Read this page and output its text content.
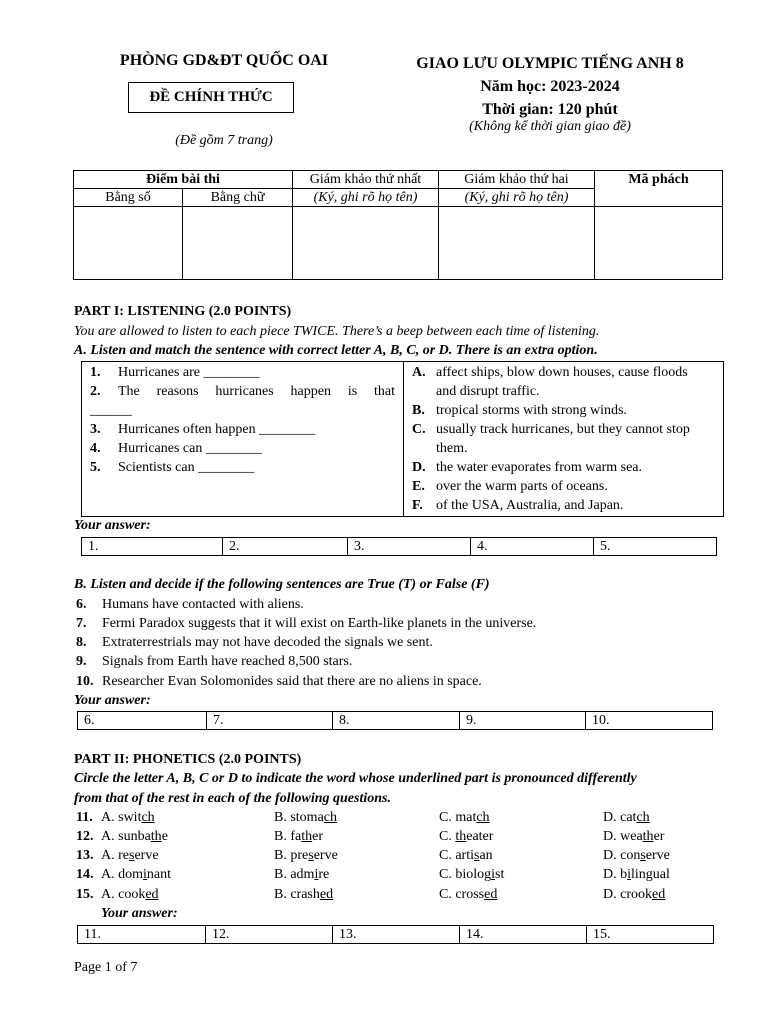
PHÒNG GD&ĐT QUỐC OAI
ĐỀ CHÍNH THỨC
(Đề gồm 7 trang)
GIAO LƯU OLYMPIC TIẾNG ANH 8
Năm học: 2023-2024
Thời gian: 120 phút
(Không kể thời gian giao đề)
Điểm bài thi		Giám khảo thứ nhất	Giám khảo thứ hai	Mã phách
Bằng số	Bằng chữ	(Ký, ghi rõ họ tên)	(Ký, ghi rõ họ tên)	

PART I: LISTENING (2.0 POINTS)
You are allowed to listen to each piece TWICE. There’s a beep between each time of listening.
A. Listen and match the sentence with correct letter A, B, C, or D. There is an extra option.
1. Hurricanes are ________
2.	The reasons hurricanes happen is that
______
3. Hurricanes often happen ________
4. Hurricanes can ________
5. Scientists can ________

A. affect ships, blow down houses, cause floods
and disrupt traffic.
B. tropical storms with strong winds.
C. usually track hurricanes, but they cannot stop
them.
D. the water evaporates from warm sea.
E. over the warm parts of oceans.
F. of the USA, Australia, and Japan.
Your answer:
1.	2.	3.	4.	5.
B. Listen and decide if the following sentences are True (T) or False (F)
6. Humans have contacted with aliens.
7. Fermi Paradox suggests that it will exist on Earth-like planets in the universe.
8. Extraterrestrials may not have decoded the signals we sent.
9. Signals from Earth have reached 8,500 stars.
10. Researcher Evan Solomonides said that there are no aliens in space.
Your answer:
6.	7.	8.	9.	10.
PART II: PHONETICS (2.0 POINTS)
Circle the letter A, B, C or D to indicate the word whose underlined part is pronounced differently
from that of the rest in each of the following questions.
11. A. switch	B. stomach	C. match	D. catch
12. A. sunbathe	B. father	C. theater	D. weather
13. A. reserve	B. preserve	C. artisan	D. conserve
14. A. dominant	B. admire	C. biologist	D. bilingual
15. A. cooked	B. crashed	C. crossed	D. crooked
Your answer:
11.	12.	13.	14.	15.
Page 1 of 7
